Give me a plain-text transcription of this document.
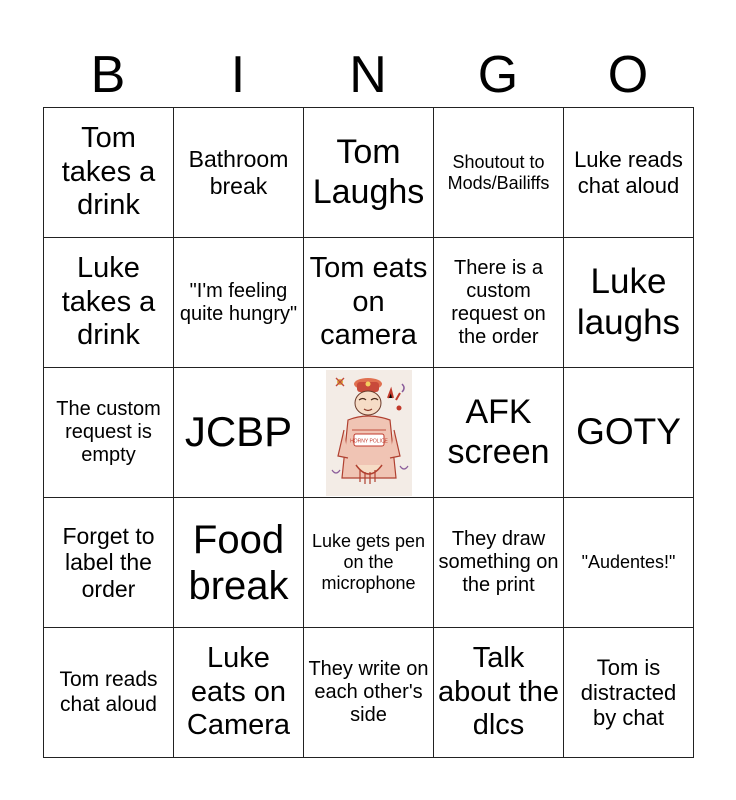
B	I	N	G	O
Tom takes a drink	Bathroom break	Tom Laughs	Shoutout to Mods/Bailiffs	Luke reads chat aloud
Luke takes a drink	"I'm feeling quite hungry"	Tom eats on camera	There is a custom request on the order	Luke laughs
The custom request is empty	JCBP	HORNY POLICE	AFK screen	GOTY
Forget to label the order	Food break	Luke gets pen on the microphone	They draw something on the print	"Audentes!"
Tom reads chat aloud	Luke eats on Camera	They write on each other's side	Talk about the dlcs	Tom is distracted by chat
